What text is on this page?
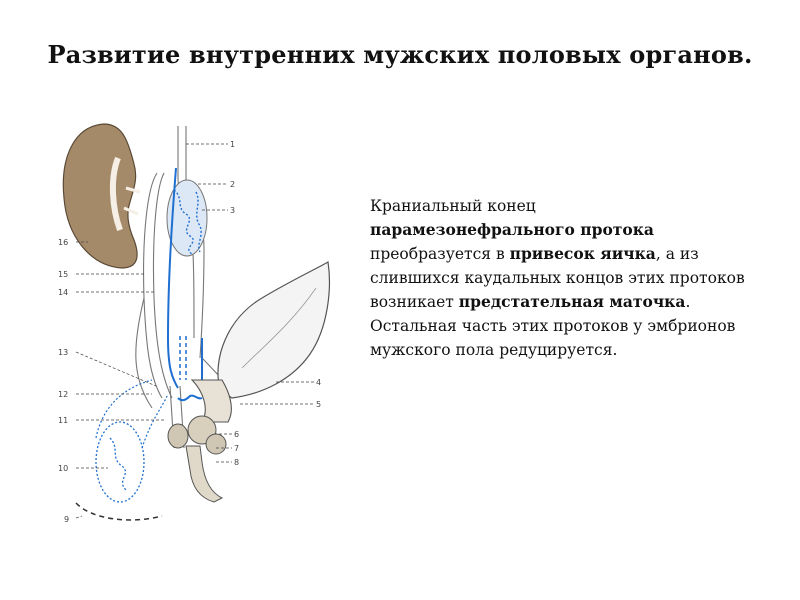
Развитие внутренних мужских половых органов.
1
2
3
4
5
6
7
8
9
10
11
12
13
14
15
16
Краниальный конец парамезонефрального протока преобразуется в привесок яичка, а из слившихся каудальных концов этих протоков возникает предстательная маточка. Остальная часть этих протоков у эмбрионов мужского пола редуцируется.
